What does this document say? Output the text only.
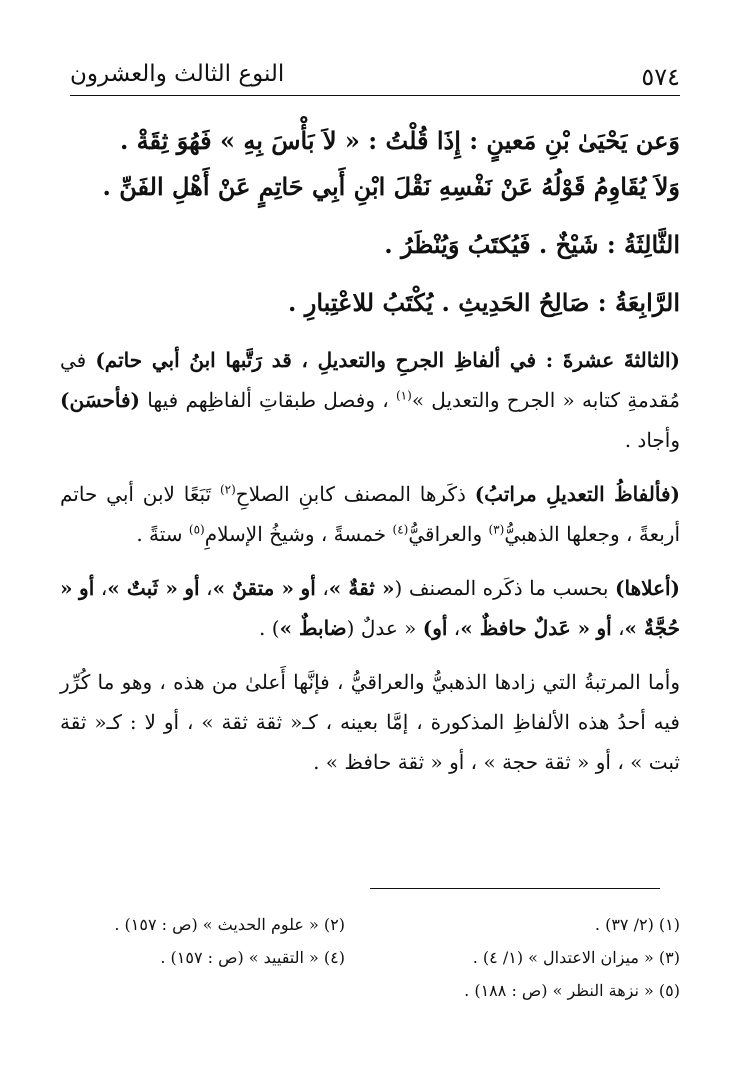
٥٧٤
النوع الثالث والعشرون

وَعن يَحْيَىٰ بْنِ مَعينٍ : إِذَا قُلْتُ : « لاَ بَأْسَ بِهِ » فَهُوَ ثِقَةْ .

وَلاَ يُقَاوِمُ قَوْلُهُ عَنْ نَفْسِهِ نَقْلَ ابْنِ أَبِي حَاتِمٍ عَنْ أَهْلِ الفَنِّ .

الثَّالِثَةُ : شَيْخٌ . فَيُكتَبُ وَيُنْظَرُ .

الرَّابِعَةُ : صَالِحُ الحَدِيثِ . يُكْتَبُ للاعْتِبارِ .

(الثالثةَ عشرةَ : في ألفاظِ الجرحِ والتعديلِ ، قد رَتَّبها ابنُ أبي حاتم) في مُقدمةِ كتابه « الجرح والتعديل »$^{(١)}$ ، وفصل طبقاتِ ألفاظِهم فيها (فأحسَن) وأجاد .

(فألفاظُ التعديلِ مراتبُ) ذكَرها المصنف كابنِ الصلاحِ$^{(٢)}$ تَبَعًا لابن أبي حاتم أربعةً ، وجعلها الذهبيُّ$^{(٣)}$ والعراقيُّ$^{(٤)}$ خمسةً ، وشيخُ الإسلامِ$^{(٥)}$ ستةً .

(أعلاها) بحسب ما ذكَره المصنف (« ثقةٌ »، أو « متقنٌ »، أو « ثَبتٌ »، أو « حُجَّةٌ »، أو « عَدلٌ حافظٌ »، أو) « عدلٌ (ضابطٌ ») .

وأما المرتبةُ التي زادها الذهبيُّ والعراقيُّ ، فإنَّها أَعلىٰ من هذه ، وهو ما كُرِّر فيه أحدُ هذه الألفاظِ المذكورة ، إمَّا بعينه ، كـ« ثقة ثقة » ، أو لا : كـ« ثقة ثبت » ، أو « ثقة حجة » ، أو « ثقة حافظ » .

(١) (٢/ ٣٧) .
(٢) « علوم الحديث » (ص : ١٥٧) .
(٣) « ميزان الاعتدال » (١/ ٤) .
(٤) « التقييد » (ص : ١٥٧) .
(٥) « نزهة النظر » (ص : ١٨٨) .
